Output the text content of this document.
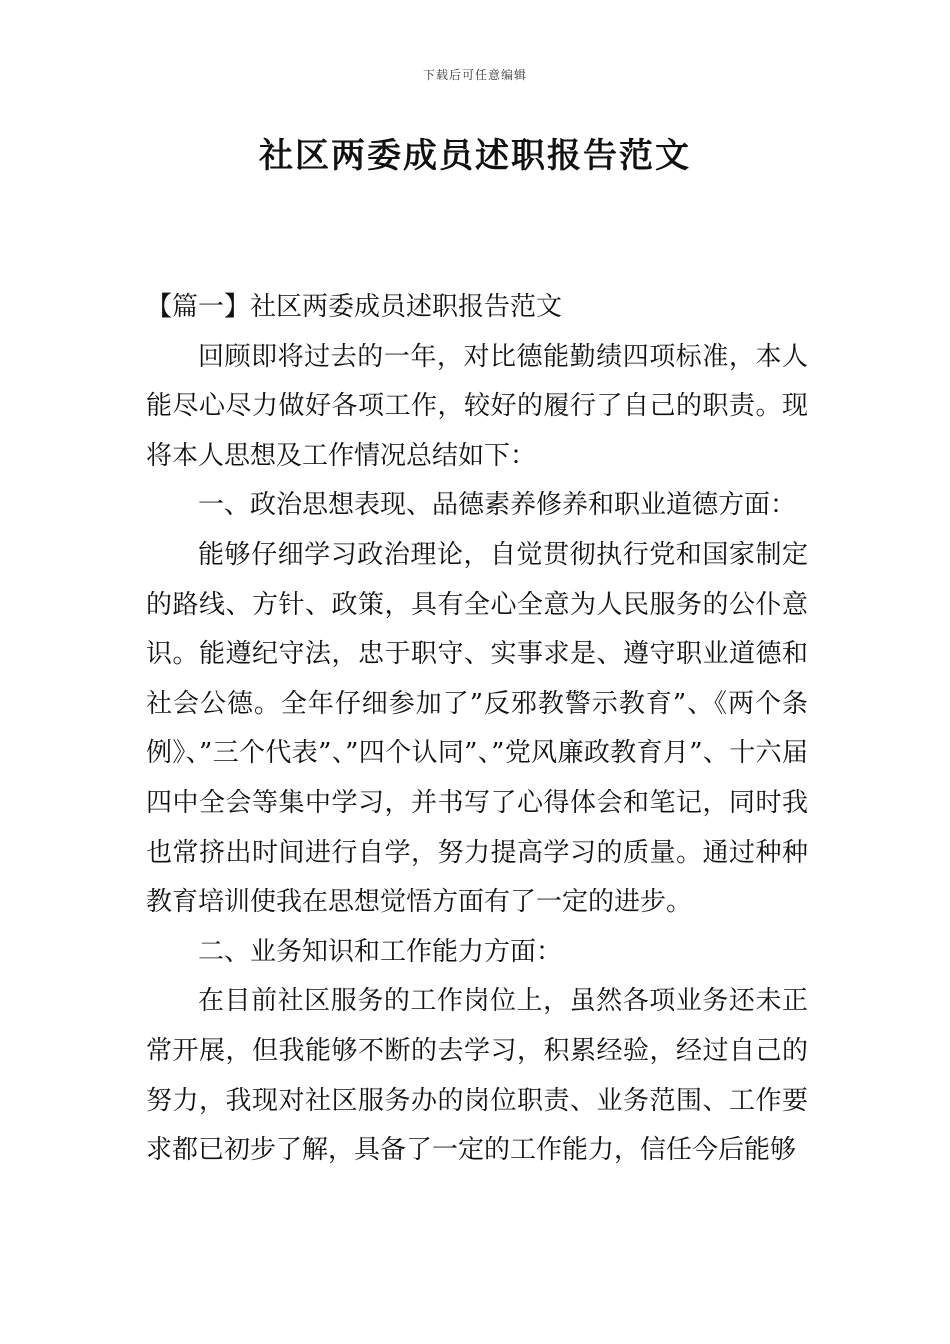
下载后可任意编辑
社区两委成员述职报告范文

【篇一】社区两委成员述职报告范文

回顾即将过去的一年，对比德能勤绩四项标准，本人能尽心尽力做好各项工作，较好的履行了自己的职责。现将本人思想及工作情况总结如下：

一、政治思想表现、品德素养修养和职业道德方面：

能够仔细学习政治理论，自觉贯彻执行党和国家制定的路线、方针、政策，具有全心全意为人民服务的公仆意识。能遵纪守法，忠于职守、实事求是、遵守职业道德和社会公德。全年仔细参加了”反邪教警示教育”、《两个条例》、”三个代表”、”四个认同”、”党风廉政教育月”、十六届四中全会等集中学习，并书写了心得体会和笔记，同时我也常挤出时间进行自学，努力提高学习的质量。通过种种教育培训使我在思想觉悟方面有了一定的进步。

二、业务知识和工作能力方面：

在目前社区服务的工作岗位上，虽然各项业务还未正常开展，但我能够不断的去学习，积累经验，经过自己的努力，我现对社区服务办的岗位职责、业务范围、工作要求都已初步了解，具备了一定的工作能力，信任今后能够
